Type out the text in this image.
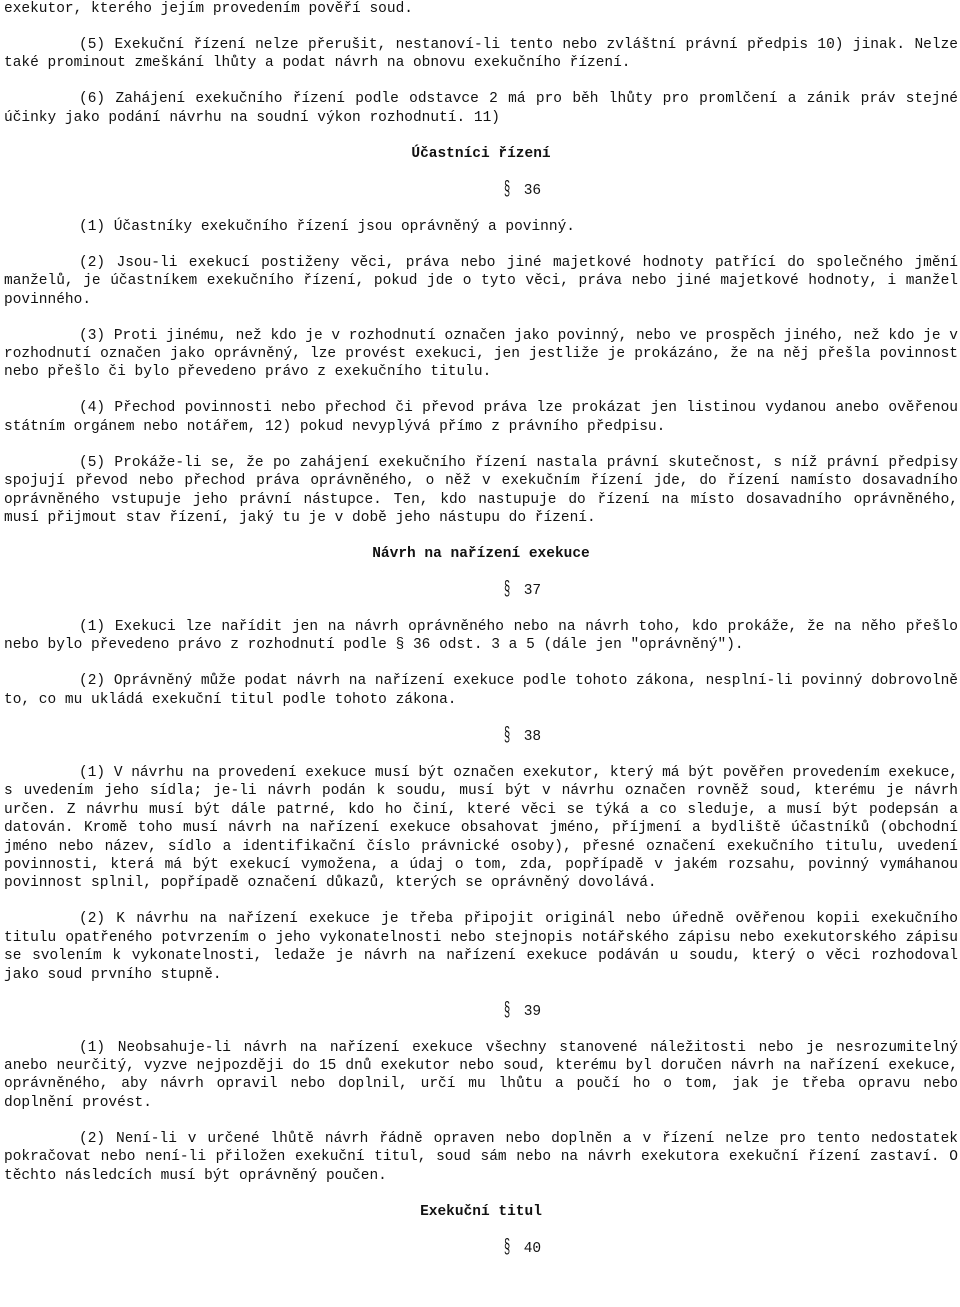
exekutor, kterého jejím provedením pověří soud.

(5) Exekuční řízení nelze přerušit, nestanoví-li tento nebo zvláštní právní předpis 10) jinak. Nelze také prominout zmeškání lhůty a podat návrh na obnovu exekučního řízení.

(6) Zahájení exekučního řízení podle odstavce 2 má pro běh lhůty pro promlčení a zánik práv stejné účinky jako podání návrhu na soudní výkon rozhodnutí. 11)

Účastníci řízení

§ 36

(1) Účastníky exekučního řízení jsou oprávněný a povinný.

(2) Jsou-li exekucí postiženy věci, práva nebo jiné majetkové hodnoty patřící do společného jmění manželů, je účastníkem exekučního řízení, pokud jde o tyto věci, práva nebo jiné majetkové hodnoty, i manžel povinného.

(3) Proti jinému, než kdo je v rozhodnutí označen jako povinný, nebo ve prospěch jiného, než kdo je v rozhodnutí označen jako oprávněný, lze provést exekuci, jen jestliže je prokázáno, že na něj přešla povinnost nebo přešlo či bylo převedeno právo z exekučního titulu.

(4) Přechod povinnosti nebo přechod či převod práva lze prokázat jen listinou vydanou anebo ověřenou státním orgánem nebo notářem, 12) pokud nevyplývá přímo z právního předpisu.

(5) Prokáže-li se, že po zahájení exekučního řízení nastala právní skutečnost, s níž právní předpisy spojují převod nebo přechod práva oprávněného, o něž v exekučním řízení jde, do řízení namísto dosavadního oprávněného vstupuje jeho právní nástupce. Ten, kdo nastupuje do řízení na místo dosavadního oprávněného, musí přijmout stav řízení, jaký tu je v době jeho nástupu do řízení.

Návrh na nařízení exekuce

§ 37

(1) Exekuci lze nařídit jen na návrh oprávněného nebo na návrh toho, kdo prokáže, že na něho přešlo nebo bylo převedeno právo z rozhodnutí podle § 36 odst. 3 a 5 (dále jen "oprávněný").

(2) Oprávněný může podat návrh na nařízení exekuce podle tohoto zákona, nesplní-li povinný dobrovolně to, co mu ukládá exekuční titul podle tohoto zákona.

§ 38

(1) V návrhu na provedení exekuce musí být označen exekutor, který má být pověřen provedením exekuce, s uvedením jeho sídla; je-li návrh podán k soudu, musí být v návrhu označen rovněž soud, kterému je návrh určen. Z návrhu musí být dále patrné, kdo ho činí, které věci se týká a co sleduje, a musí být podepsán a datován. Kromě toho musí návrh na nařízení exekuce obsahovat jméno, příjmení a bydliště účastníků (obchodní jméno nebo název, sídlo a identifikační číslo právnické osoby), přesné označení exekučního titulu, uvedení povinnosti, která má být exekucí vymožena, a údaj o tom, zda, popřípadě v jakém rozsahu, povinný vymáhanou povinnost splnil, popřípadě označení důkazů, kterých se oprávněný dovolává.

(2) K návrhu na nařízení exekuce je třeba připojit originál nebo úředně ověřenou kopii exekučního titulu opatřeného potvrzením o jeho vykonatelnosti nebo stejnopis notářského zápisu nebo exekutorského zápisu se svolením k vykonatelnosti, ledaže je návrh na nařízení exekuce podáván u soudu, který o věci rozhodoval jako soud prvního stupně.

§ 39

(1) Neobsahuje-li návrh na nařízení exekuce všechny stanovené náležitosti nebo je nesrozumitelný anebo neurčitý, vyzve nejpozději do 15 dnů exekutor nebo soud, kterému byl doručen návrh na nařízení exekuce, oprávněného, aby návrh opravil nebo doplnil, určí mu lhůtu a poučí ho o tom, jak je třeba opravu nebo doplnění provést.

(2) Není-li v určené lhůtě návrh řádně opraven nebo doplněn a v řízení nelze pro tento nedostatek pokračovat nebo není-li přiložen exekuční titul, soud sám nebo na návrh exekutora exekuční řízení zastaví. O těchto následcích musí být oprávněný poučen.

Exekuční titul

§ 40
